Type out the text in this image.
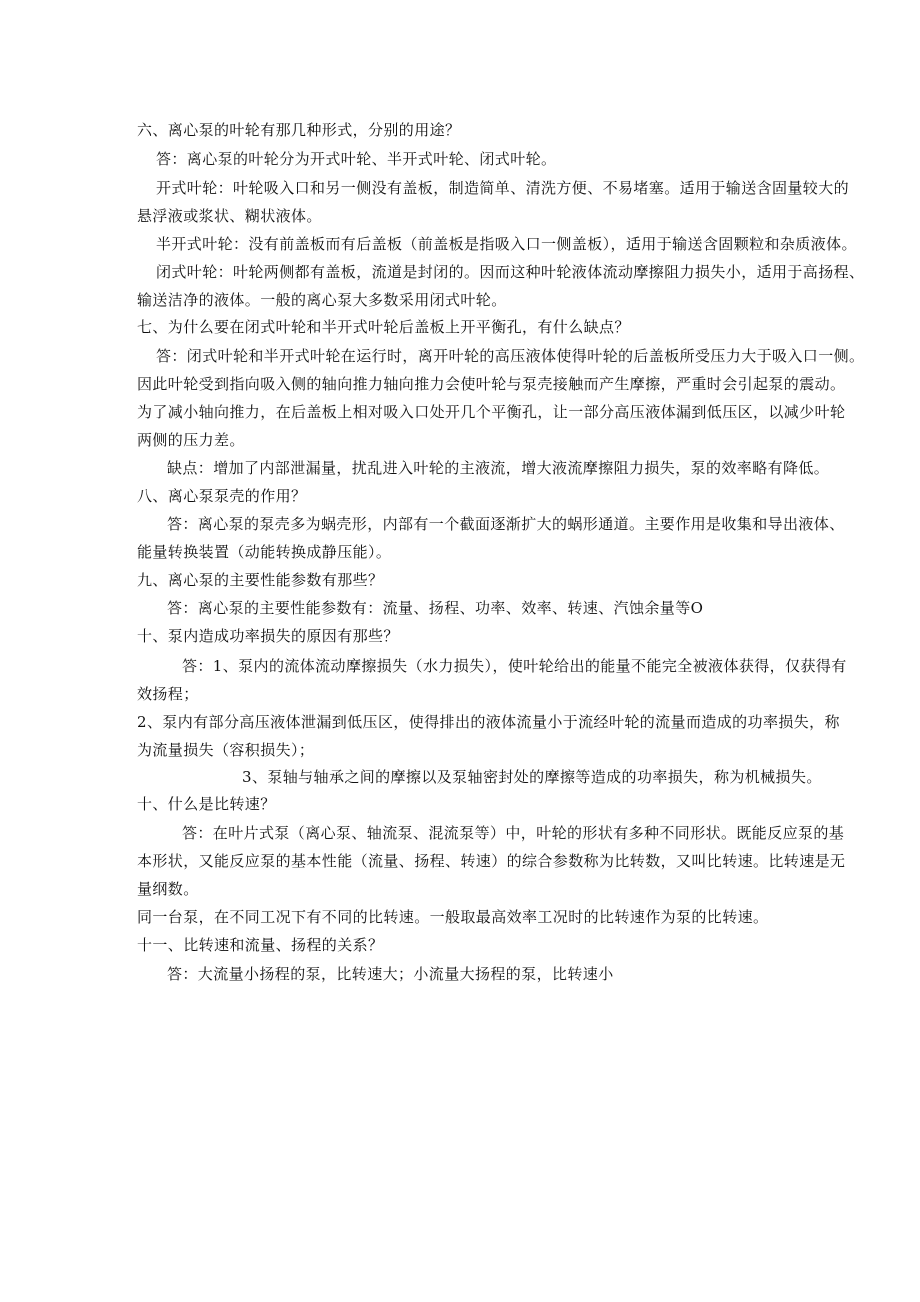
六、离心泵的叶轮有那几种形式，分别的用途？
答：离心泵的叶轮分为开式叶轮、半开式叶轮、闭式叶轮。
开式叶轮：叶轮吸入口和另一侧没有盖板，制造简单、清洗方便、不易堵塞。适用于输送含固量较大的
悬浮液或浆状、糊状液体。
半开式叶轮：没有前盖板而有后盖板（前盖板是指吸入口一侧盖板），适用于输送含固颗粒和杂质液体。
闭式叶轮：叶轮两侧都有盖板，流道是封闭的。因而这种叶轮液体流动摩擦阻力损失小，适用于高扬程、
输送洁净的液体。一般的离心泵大多数采用闭式叶轮。
七、为什么要在闭式叶轮和半开式叶轮后盖板上开平衡孔，有什么缺点？
答：闭式叶轮和半开式叶轮在运行时，离开叶轮的高压液体使得叶轮的后盖板所受压力大于吸入口一侧。
因此叶轮受到指向吸入侧的轴向推力轴向推力会使叶轮与泵壳接触而产生摩擦，严重时会引起泵的震动。
为了减小轴向推力，在后盖板上相对吸入口处开几个平衡孔，让一部分高压液体漏到低压区，以减少叶轮
两侧的压力差。
缺点：增加了内部泄漏量，扰乱进入叶轮的主液流，增大液流摩擦阻力损失，泵的效率略有降低。
八、离心泵泵壳的作用？
答：离心泵的泵壳多为蜗壳形，内部有一个截面逐渐扩大的蜗形通道。主要作用是收集和导出液体、
能量转换装置（动能转换成静压能）。
九、离心泵的主要性能参数有那些？
答：离心泵的主要性能参数有：流量、扬程、功率、效率、转速、汽蚀余量等O
十、泵内造成功率损失的原因有那些？
答：1、泵内的流体流动摩擦损失（水力损失），使叶轮给出的能量不能完全被液体获得，仅获得有
效扬程；
2、泵内有部分高压液体泄漏到低压区，使得排出的液体流量小于流经叶轮的流量而造成的功率损失，称
为流量损失（容积损失）；
3、泵轴与轴承之间的摩擦以及泵轴密封处的摩擦等造成的功率损失，称为机械损失。
十、什么是比转速？
答：在叶片式泵（离心泵、轴流泵、混流泵等）中，叶轮的形状有多种不同形状。既能反应泵的基
本形状，又能反应泵的基本性能（流量、扬程、转速）的综合参数称为比转数，又叫比转速。比转速是无
量纲数。
同一台泵，在不同工况下有不同的比转速。一般取最高效率工况时的比转速作为泵的比转速。
十一、比转速和流量、扬程的关系？
答：大流量小扬程的泵，比转速大；小流量大扬程的泵，比转速小
